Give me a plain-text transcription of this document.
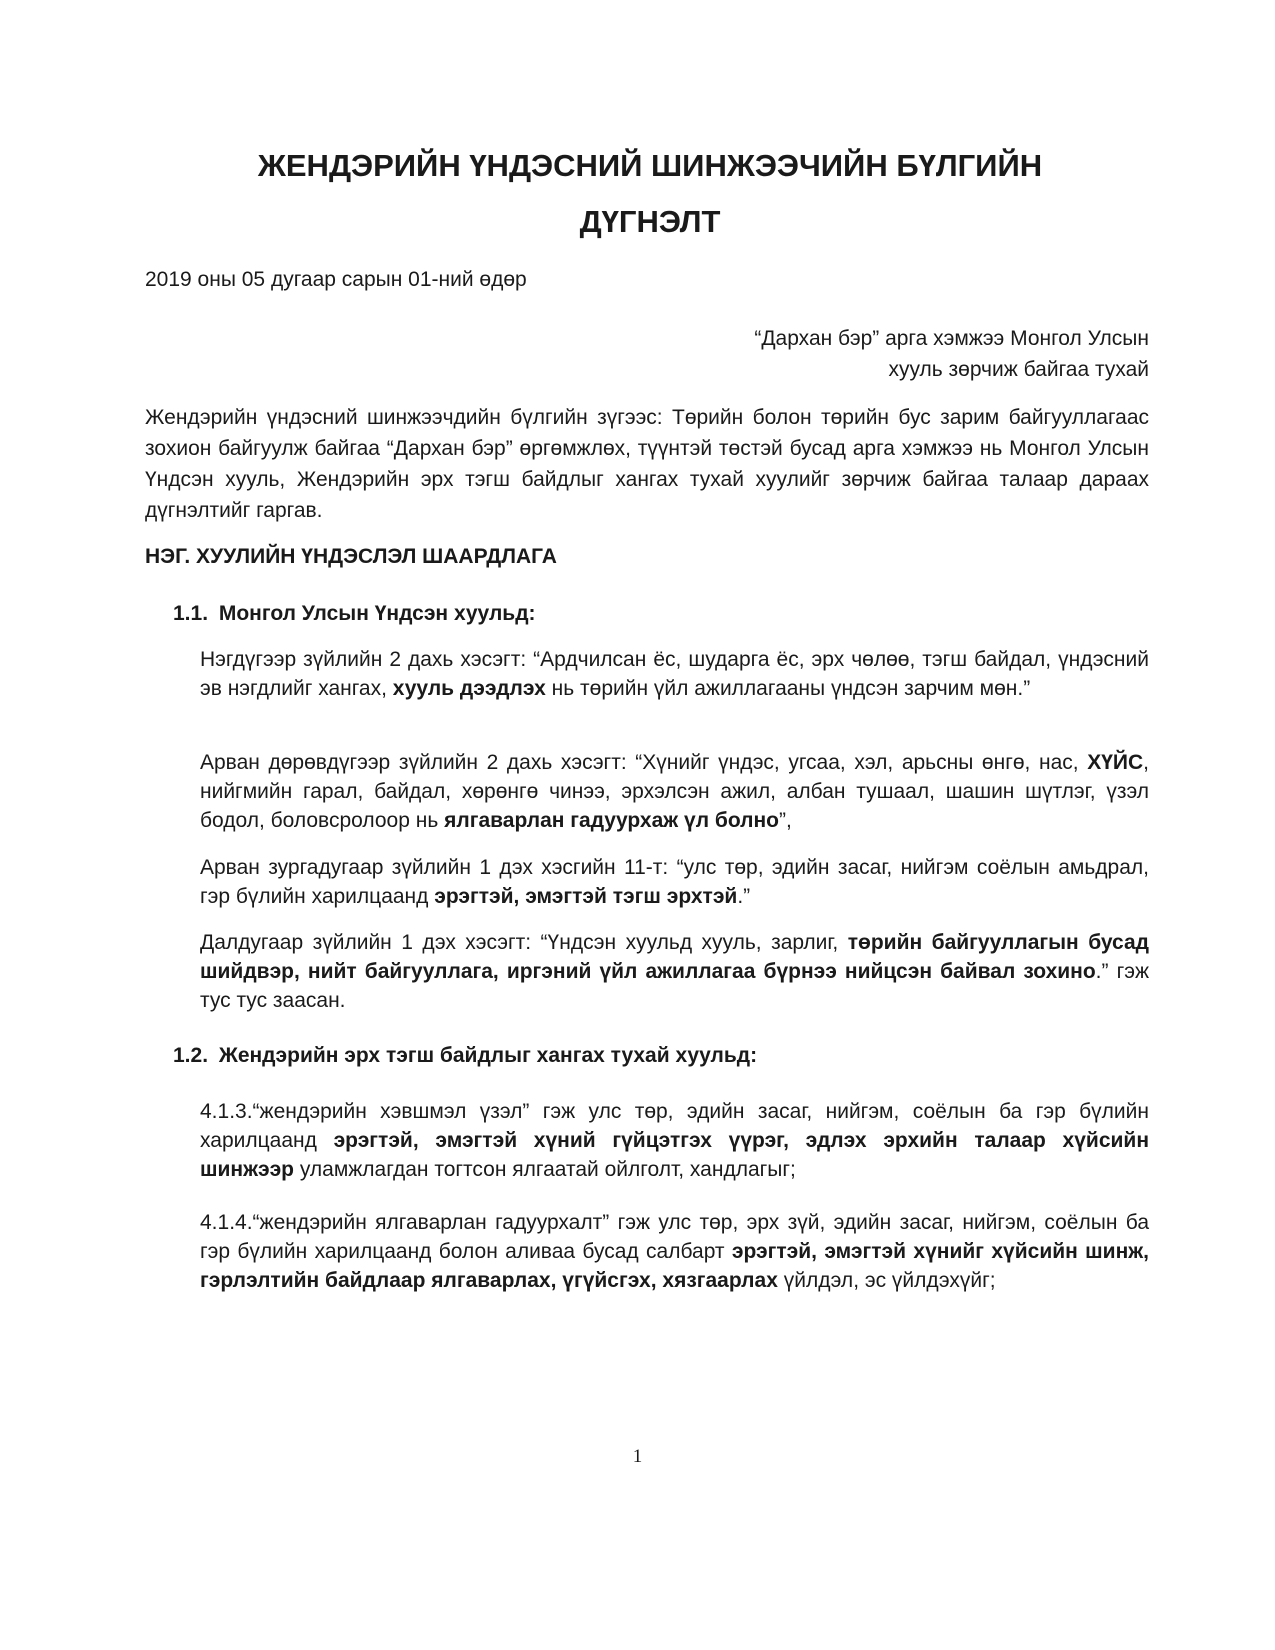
ЖЕНДЭРИЙН ҮНДЭСНИЙ ШИНЖЭЭЧИЙН БҮЛГИЙН
ДҮГНЭЛТ

2019 оны 05 дугаар сарын 01-ний өдөр

“Дархан бэр” арга хэмжээ Монгол Улсын
хууль зөрчиж байгаа тухай

Жендэрийн үндэсний шинжээчдийн бүлгийн зүгээс: Төрийн болон төрийн бус зарим байгууллагаас зохион байгуулж байгаа “Дархан бэр” өргөмжлөх, түүнтэй төстэй бусад арга хэмжээ нь Монгол Улсын Үндсэн хууль, Жендэрийн эрх тэгш байдлыг хангах тухай хуулийг зөрчиж байгаа талаар дараах дүгнэлтийг гаргав.

НЭГ. ХУУЛИЙН ҮНДЭСЛЭЛ ШААРДЛАГА
1.1. Монгол Улсын Үндсэн хуульд:

Нэгдүгээр зүйлийн 2 дахь хэсэгт: “Ардчилсан ёс, шударга ёс, эрх чөлөө, тэгш байдал, үндэсний эв нэгдлийг хангах, хууль дээдлэх нь төрийн үйл ажиллагааны үндсэн зарчим мөн.”

Арван дөрөвдүгээр зүйлийн 2 дахь хэсэгт: “Хүнийг үндэс, угсаа, хэл, арьсны өнгө, нас, ХҮЙС, нийгмийн гарал, байдал, хөрөнгө чинээ, эрхэлсэн ажил, албан тушаал, шашин шүтлэг, үзэл бодол, боловсролоор нь ялгаварлан гадуурхаж үл болно”,

Арван зургадугаар зүйлийн 1 дэх хэсгийн 11-т: “улс төр, эдийн засаг, нийгэм соёлын амьдрал, гэр бүлийн харилцаанд эрэгтэй, эмэгтэй тэгш эрхтэй.”

Далдугаар зүйлийн 1 дэх хэсэгт: “Үндсэн хуульд хууль, зарлиг, төрийн байгууллагын бусад шийдвэр, нийт байгууллага, иргэний үйл ажиллагаа бүрнээ нийцсэн байвал зохино.” гэж тус тус заасан.

1.2. Жендэрийн эрх тэгш байдлыг хангах тухай хуульд:

4.1.3.“жендэрийн хэвшмэл үзэл” гэж улс төр, эдийн засаг, нийгэм, соёлын ба гэр бүлийн харилцаанд эрэгтэй, эмэгтэй хүний гүйцэтгэх үүрэг, эдлэх эрхийн талаар хүйсийн шинжээр уламжлагдан тогтсон ялгаатай ойлголт, хандлагыг;

4.1.4.“жендэрийн ялгаварлан гадуурхалт” гэж улс төр, эрх зүй, эдийн засаг, нийгэм, соёлын ба гэр бүлийн харилцаанд болон аливаа бусад салбарт эрэгтэй, эмэгтэй хүнийг хүйсийн шинж, гэрлэлтийн байдлаар ялгаварлах, үгүйсгэх, хязгаарлах үйлдэл, эс үйлдэхүйг;

1
